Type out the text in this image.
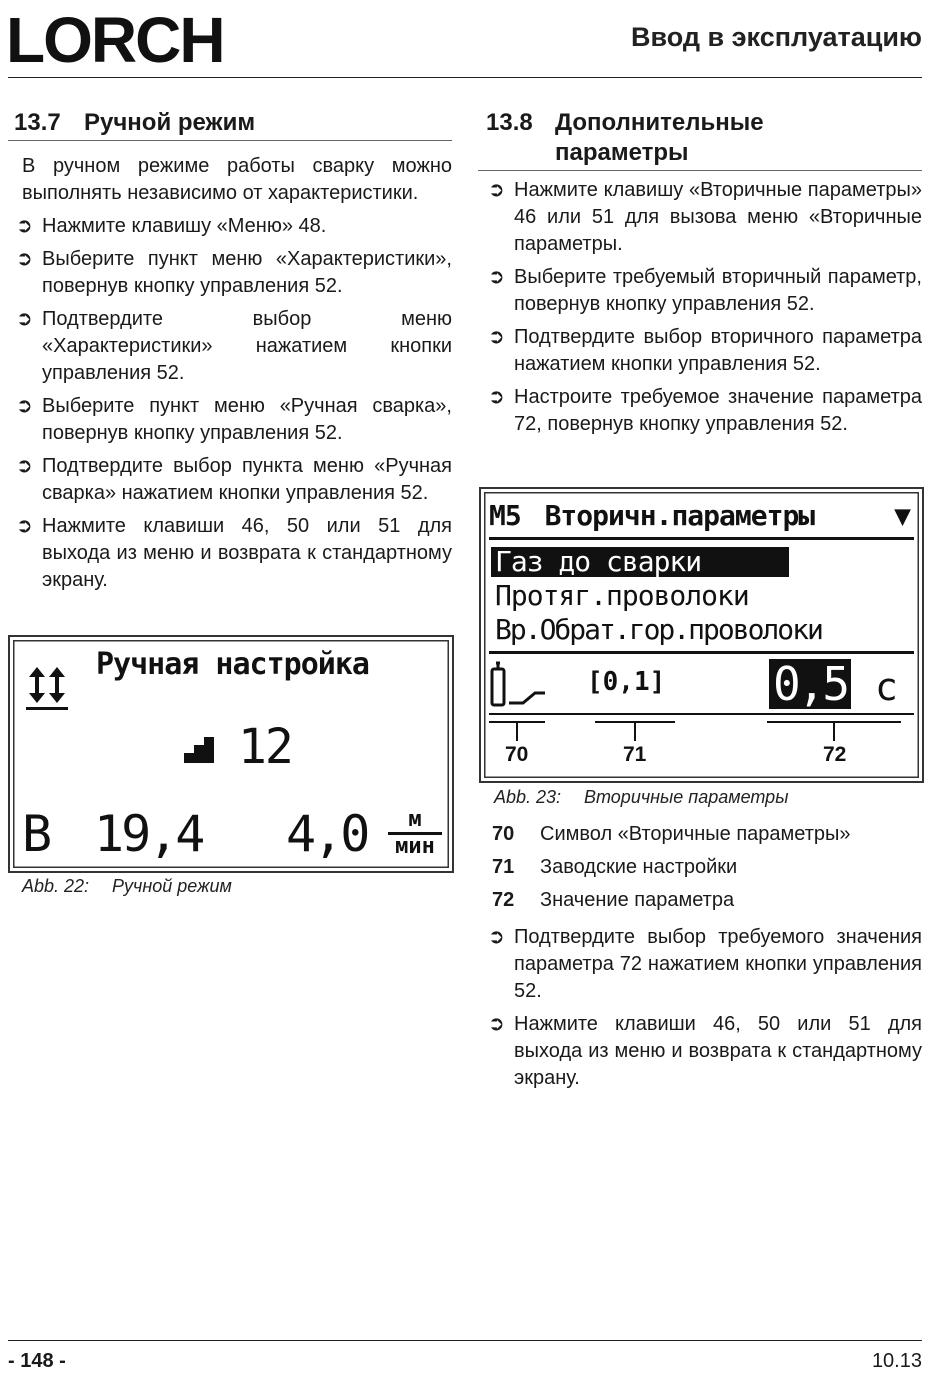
LORCH	Ввод в эксплуатацию
13.7 Ручной режим

В ручном режиме работы сварку можно выполнять независимо от характеристики.

➲ Нажмите клавишу «Меню» 48.
➲ Выберите пункт меню «Характеристики», повернув кнопку управления 52.
➲ Подтвердите выбор меню «Характеристики» нажатием кнопки управления 52.
➲ Выберите пункт меню «Ручная сварка», повернув кнопку управления 52.
➲ Подтвердите выбор пункта меню «Ручная сварка» нажатием кнопки управления 52.
➲ Нажмите клавиши 46, 50 или 51 для выхода из меню и возврата к стандартному экрану.
Ручная настройка
12
В 19,4 4,0	м
мин
Abb. 22: Ручной режим
13.8 Дополнительные
параметры
➲ Нажмите клавишу «Вторичные параметры» 46 или 51 для вызова меню «Вторичные параметры.
➲ Выберите требуемый вторичный параметр, повернув кнопку управления 52.
➲ Подтвердите выбор вторичного параметра нажатием кнопки управления 52.
➲ Настроите требуемое значение параметра 72, повернув кнопку управления 52.
M5 Вторичн.параметры	▼
Газ до сварки
Протяг.проволоки
Вр.Обрат.гор.проволоки
[0,1] 0,5 c
70	71	72
Abb. 23: Вторичные параметры
70	Символ «Вторичные параметры»
71	Заводские настройки
72	Значение параметра
➲ Подтвердите выбор требуемого значения параметра 72 нажатием кнопки управления 52.
➲ Нажмите клавиши 46, 50 или 51 для выхода из меню и возврата к стандартному экрану.
- 148 -	10.13
